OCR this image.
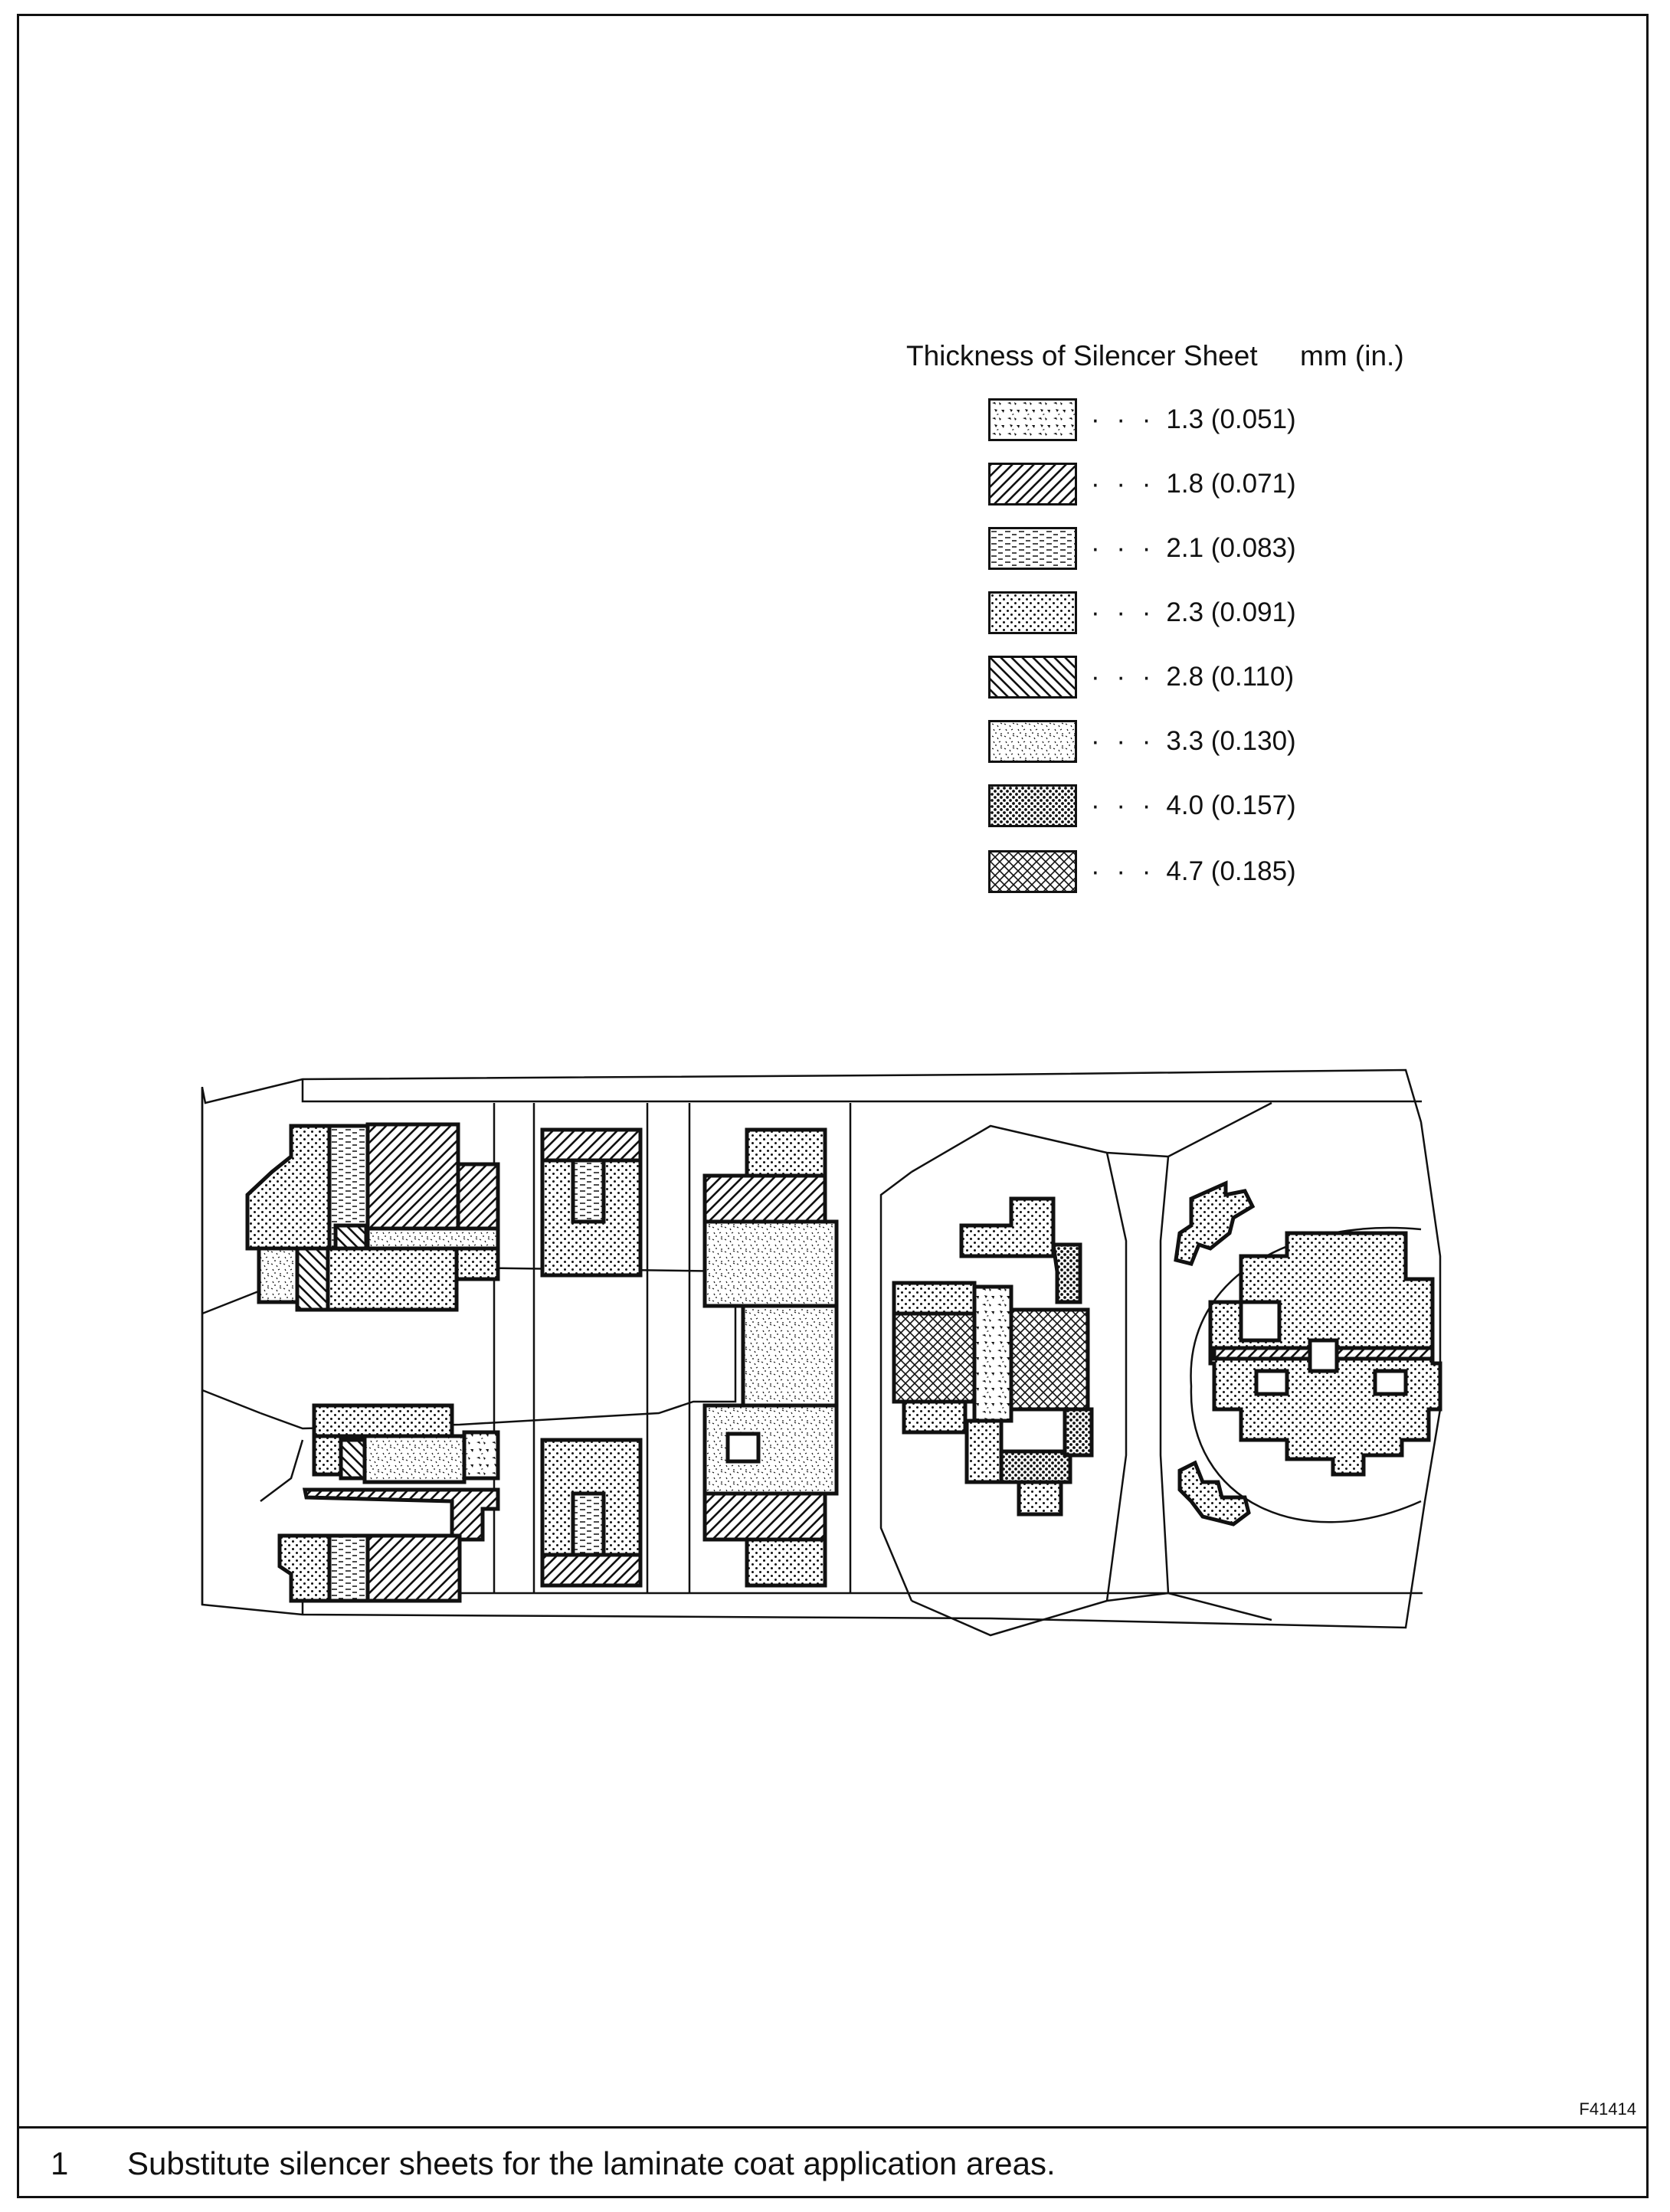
Thickness of Silencer Sheet mm (in.)
· · · 1.3 (0.051)
· · · 1.8 (0.071)
· · · 2.1 (0.083)
· · · 2.3 (0.091)
· · · 2.8 (0.110)
· · · 3.3 (0.130)
· · · 4.0 (0.157)
· · · 4.7 (0.185)
F41414
1	Substitute silencer sheets for the laminate coat application areas.
